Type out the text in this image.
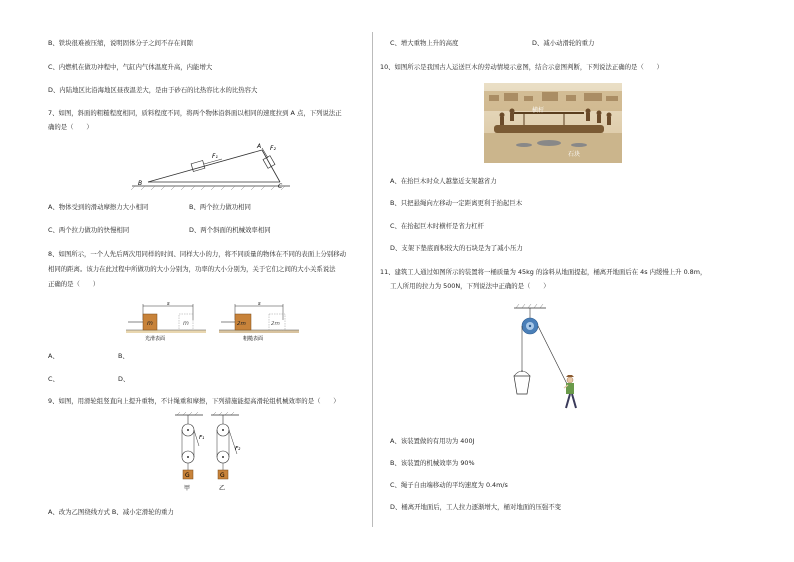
B、铁块很难被压缩，说明固体分子之间不存在间隙
C、内燃机在做功冲程中，气缸内气体温度升高，内能增大
D、内陆地区比沿海地区昼夜温差大，是由于砂石的比热容比水的比热容大
7、如图，斜面的粗糙程度相同，质料程度不同，将两个物体沿斜面以相同的速度拉到 A 点，下列说法正
确的是（　　）
F₁
F₂
A
B	C
A、物体受到的滑动摩擦力大小相同	B、两个拉力做功相同
C、两个拉力做功的快慢相同	D、两个斜面的机械效率相同
8、如图所示，一个人先后两次用同样的时间、同样大小的力，将不同质量的物体在不同的表面上分别移动
相同的距离。该力在此过程中所做功的大小分别为，功率的大小分别为，关于它们之间的大小关系说法
正确的是（　　）
s
m	m
光滑表面
s
2m	2m
粗糙表面
A、	B、
C、	D、
9、如图，用滑轮组竖直向上提升重物，不计绳重和摩擦，下列措施能提高滑轮组机械效率的是（　　）
F₁
G
甲
F₂
G
乙
A、改为乙图绕线方式 B、减小定滑轮的重力
C、增大重物上升的高度	D、减小动滑轮的重力
10、如图所示是我国古人运送巨木的劳动情境示意图，结合示意图判断，下列说法正确的是（　　）
横杆
石块
A、在抬巨木时众人越靠近支架越省力
B、只把悬绳向左移动一定距离更利于抬起巨木
C、在抬起巨木时横杆是省力杠杆
D、支架下垫底面积较大的石块是为了减小压力
11、建筑工人通过如图所示的装置将一桶质量为 45kg 的涂料从地面提起，桶离开地面后在 4s 内缓慢上升 0.8m，
工人所用的拉力为 500N，下列说法中正确的是（　　）
A、该装置做的有用功为 400J
B、该装置的机械效率为 90%
C、绳子自由端移动的平均速度为 0.4m/s
D、桶离开地面后，工人拉力逐渐增大，桶对地面的压强不变
